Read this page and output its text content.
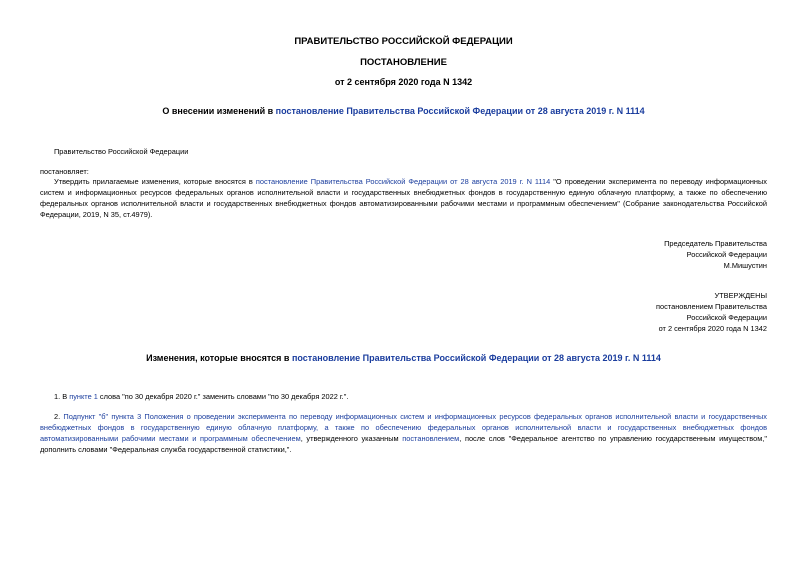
ПРАВИТЕЛЬСТВО РОССИЙСКОЙ ФЕДЕРАЦИИ
ПОСТАНОВЛЕНИЕ
от 2 сентября 2020 года N 1342
О внесении изменений в постановление Правительства Российской Федерации от 28 августа 2019 г. N 1114
Правительство Российской Федерации
постановляет:
Утвердить прилагаемые изменения, которые вносятся в постановление Правительства Российской Федерации от 28 августа 2019 г. N 1114 "О проведении эксперимента по переводу информационных систем и информационных ресурсов федеральных органов исполнительной власти и государственных внебюджетных фондов в государственную единую облачную платформу, а также по обеспечению федеральных органов исполнительной власти и государственных внебюджетных фондов автоматизированными рабочими местами и программным обеспечением" (Собрание законодательства Российской Федерации, 2019, N 35, ст.4979).
Председатель Правительства
Российской Федерации
М.Мишустин
УТВЕРЖДЕНЫ
постановлением Правительства
Российской Федерации
от 2 сентября 2020 года N 1342
Изменения, которые вносятся в постановление Правительства Российской Федерации от 28 августа 2019 г. N 1114
1. В пункте 1 слова "по 30 декабря 2020 г." заменить словами "по 30 декабря 2022 г.".
2. Подпункт "б" пункта 3 Положения о проведении эксперимента по переводу информационных систем и информационных ресурсов федеральных органов исполнительной власти и государственных внебюджетных фондов в государственную единую облачную платформу, а также по обеспечению федеральных органов исполнительной власти и государственных внебюджетных фондов автоматизированными рабочими местами и программным обеспечением, утвержденного указанным постановлением, после слов "Федеральное агентство по управлению государственным имуществом," дополнить словами "Федеральная служба государственной статистики,".
